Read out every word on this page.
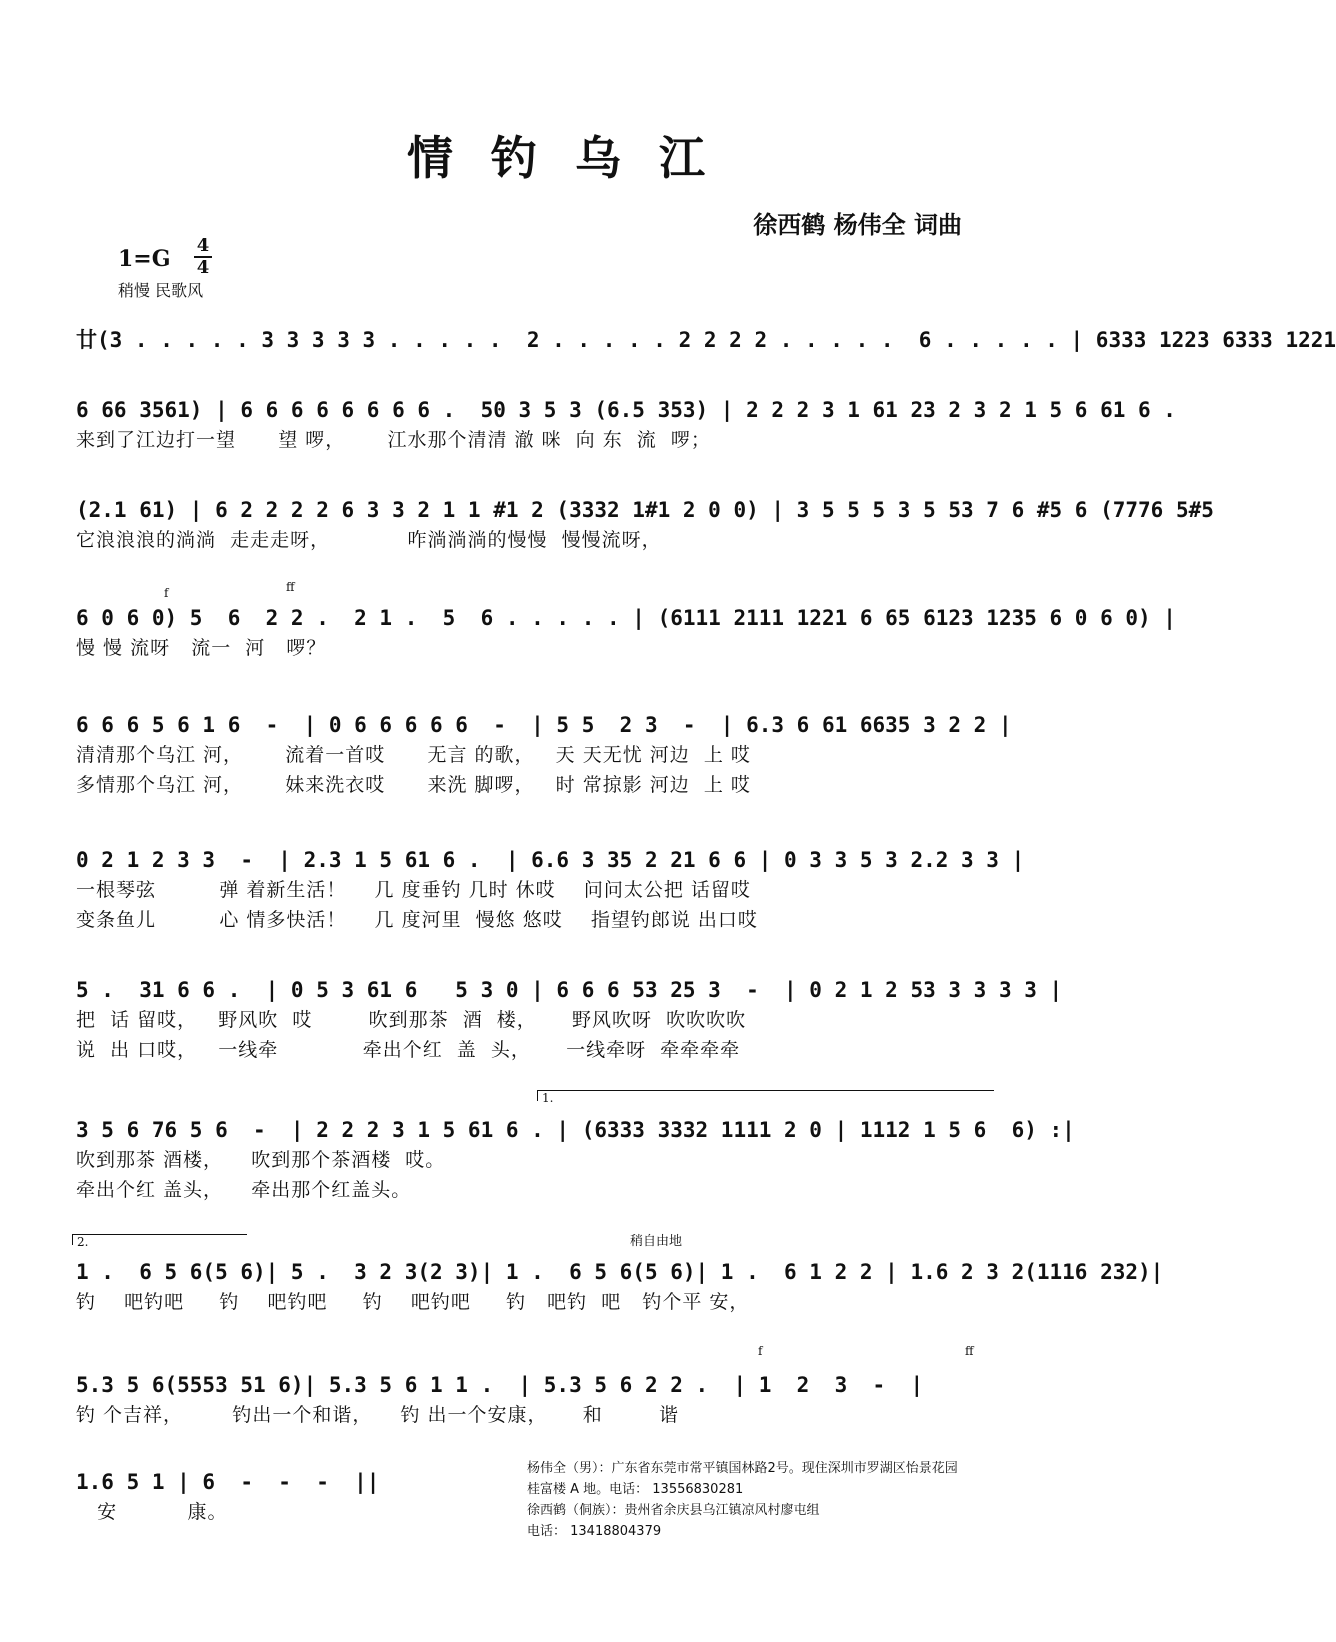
情钓乌江
徐西鹤 杨伟全 词曲
1=G
4
4
稍慢 民歌风
廿(3 . . . . . 3 3 3 3 3 . . . . .  2 . . . . . 2 2 2 2 . . . . .  6 . . . . . | 6333 1223 6333 1221
6 66 3561) | 6 6 6 6 6 6 6 6 .  50 3 5 3 (6.5 353) | 2 2 2 3 1 61 23 2 3 2 1 5 6 61 6 .
来到了江边打一望      望 啰，      江水那个清清 澈 咪  向 东  流  啰；
(2.1 61) | 6 2 2 2 2 6 3 3 2 1 1 #1 2 (3332 1#1 2 0 0) | 3 5 5 5 3 5 53 7 6 #5 6 (7776 5#5
它浪浪浪的淌淌  走走走呀，           咋淌淌淌的慢慢  慢慢流呀，
6 0 6 0) 5  6  2 2 .  2 1 .  5  6 . . . . . | (6111 2111 1221 6 65 6123 1235 6 0 6 0) |
慢 慢 流呀   流一  河   啰？
6 6 6 5 6 1 6  -  | 0 6 6 6 6 6  -  | 5 5  2 3  -  | 6.3 6 61 6635 3 2 2 |
清清那个乌江 河，      流着一首哎      无言 的歌，   天 天无忧 河边  上 哎
多情那个乌江 河，      妹来洗衣哎      来洗 脚啰，   时 常掠影 河边  上 哎
0 2 1 2 3 3  -  | 2.3 1 5 61 6 .  | 6.6 3 35 2 21 6 6 | 0 3 3 5 3 2.2 3 3 |
一根琴弦         弹 着新生活！    几 度垂钓 几时 休哎    问问太公把 话留哎
变条鱼儿         心 情多快活！    几 度河里  慢悠 悠哎    指望钓郎说 出口哎
5 .  31 6 6 .  | 0 5 3 61 6   5 3 0 | 6 6 6 53 25 3  -  | 0 2 1 2 53 3 3 3 3 |
把  话 留哎，   野风吹  哎        吹到那茶  酒  楼，     野风吹呀  吹吹吹吹
说  出 口哎，   一线牵            牵出个红  盖  头，     一线牵呀  牵牵牵牵
1.
3 5 6 76 5 6  -  | 2 2 2 3 1 5 61 6 . | (6333 3332 1111 2 0 | 1112 1 5 6  6) :|
吹到那茶 酒楼，    吹到那个茶酒楼  哎。
牵出个红 盖头，    牵出那个红盖头。
2.	稍自由地
1 .  6 5 6(5 6)| 5 .  3 2 3(2 3)| 1 .  6 5 6(5 6)| 1 .  6 1 2 2 | 1.6 2 3 2(1116 232)|
钓    吧钓吧     钓    吧钓吧     钓    吧钓吧     钓   吧钓  吧   钓个平 安，
f	ff
5.3 5 6(5553 51 6)| 5.3 5 6 1 1 .  | 5.3 5 6 2 2 .  | 1  2  3  -  |
钓 个吉祥，       钓出一个和谐，    钓 出一个安康，     和        谐
1.6 5 1 | 6  -  -  -  ||
安          康。
f	ff
杨伟全（男）：广东省东莞市常平镇国林路2号。现住深圳市罗湖区怡景花园
桂富楼 A 地。电话： 13556830281
徐西鹤（侗族）：贵州省余庆县乌江镇凉风村廖屯组
电话： 13418804379
